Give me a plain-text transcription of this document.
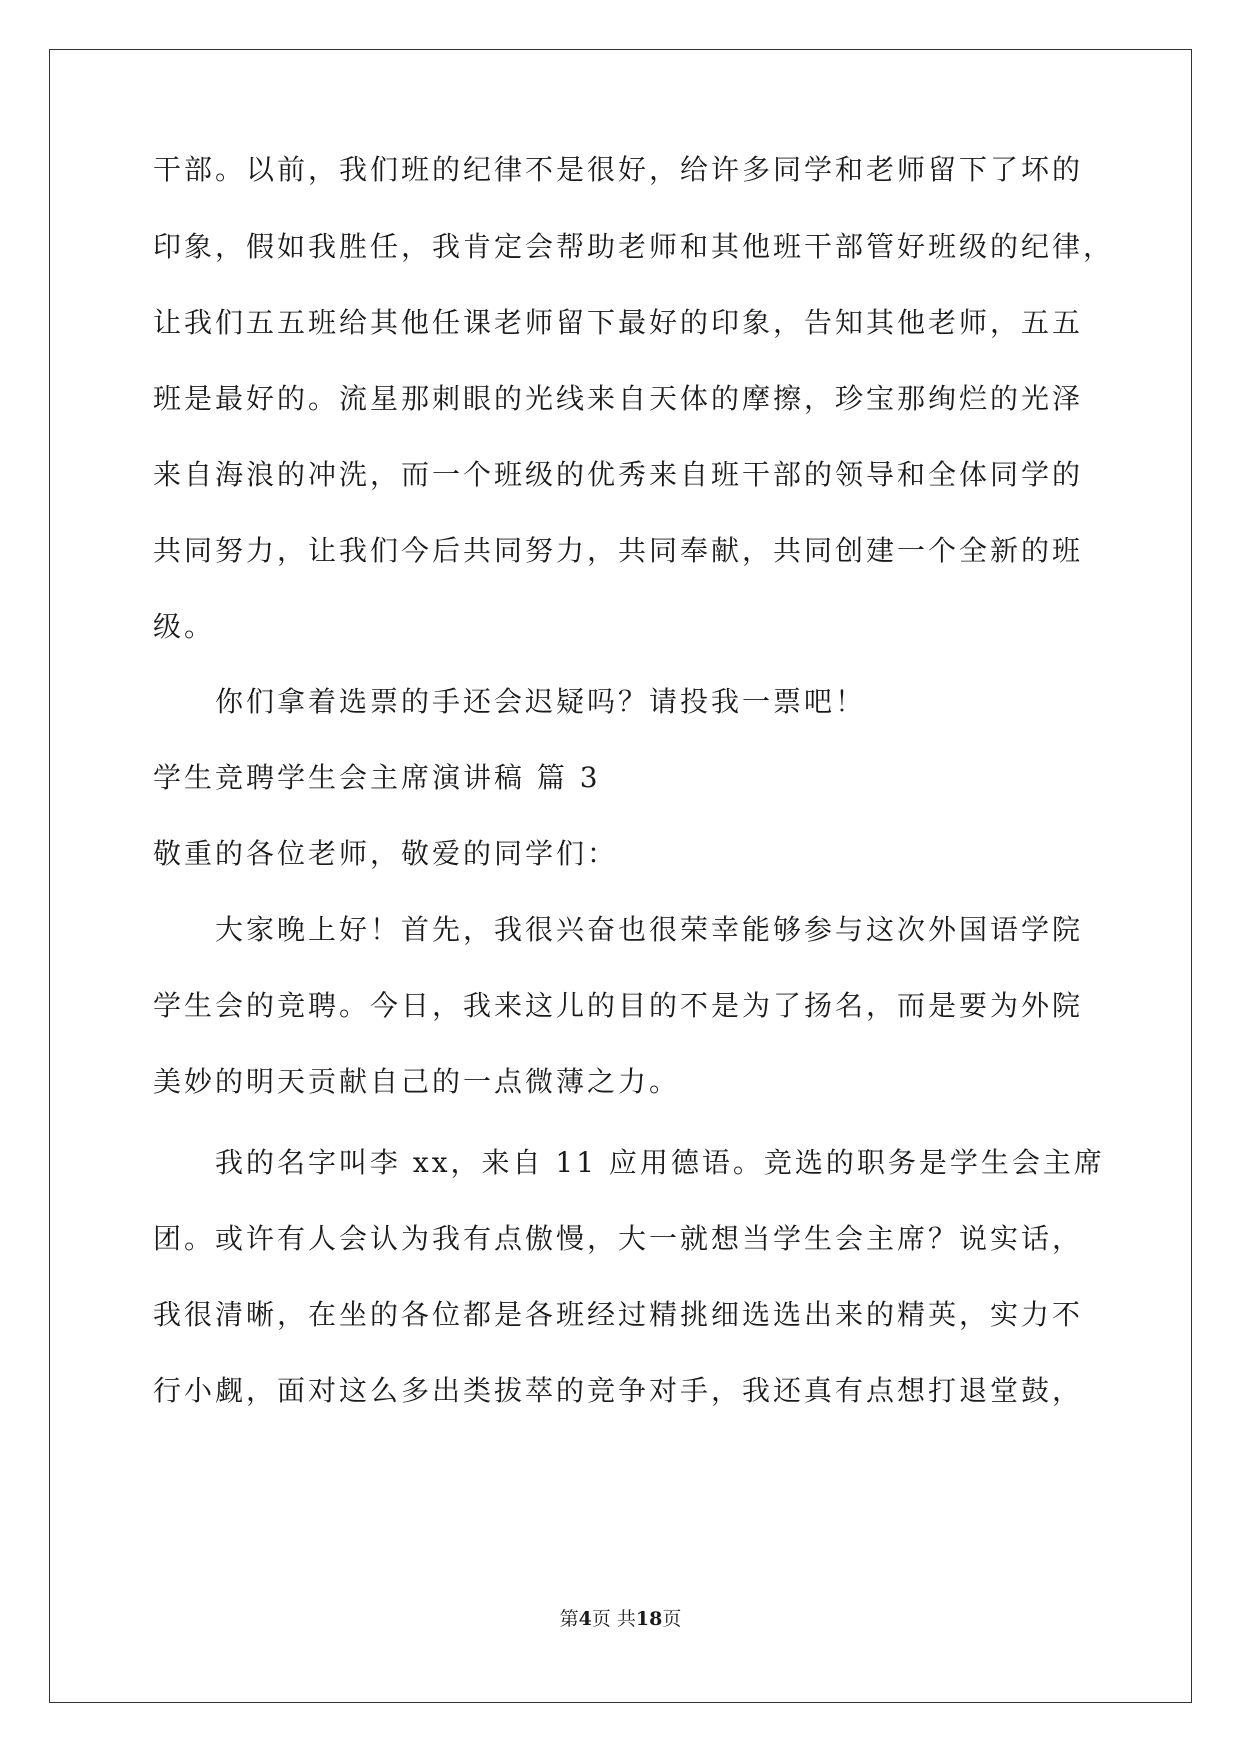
干部。以前，我们班的纪律不是很好，给许多同学和老师留下了坏的
印象，假如我胜任，我肯定会帮助老师和其他班干部管好班级的纪律，
让我们五五班给其他任课老师留下最好的印象，告知其他老师，五五
班是最好的。流星那刺眼的光线来自天体的摩擦，珍宝那绚烂的光泽
来自海浪的冲洗，而一个班级的优秀来自班干部的领导和全体同学的
共同努力，让我们今后共同努力，共同奉献，共同创建一个全新的班
级。
你们拿着选票的手还会迟疑吗？请投我一票吧！
学生竞聘学生会主席演讲稿 篇 3
敬重的各位老师，敬爱的同学们：
大家晚上好！首先，我很兴奋也很荣幸能够参与这次外国语学院
学生会的竞聘。今日，我来这儿的目的不是为了扬名，而是要为外院
美妙的明天贡献自己的一点微薄之力。
我的名字叫李 xx，来自 11 应用德语。竞选的职务是学生会主席
团。或许有人会认为我有点傲慢，大一就想当学生会主席？说实话，
我很清晰，在坐的各位都是各班经过精挑细选选出来的精英，实力不
行小觑，面对这么多出类拔萃的竞争对手，我还真有点想打退堂鼓，
第4页 共18页
